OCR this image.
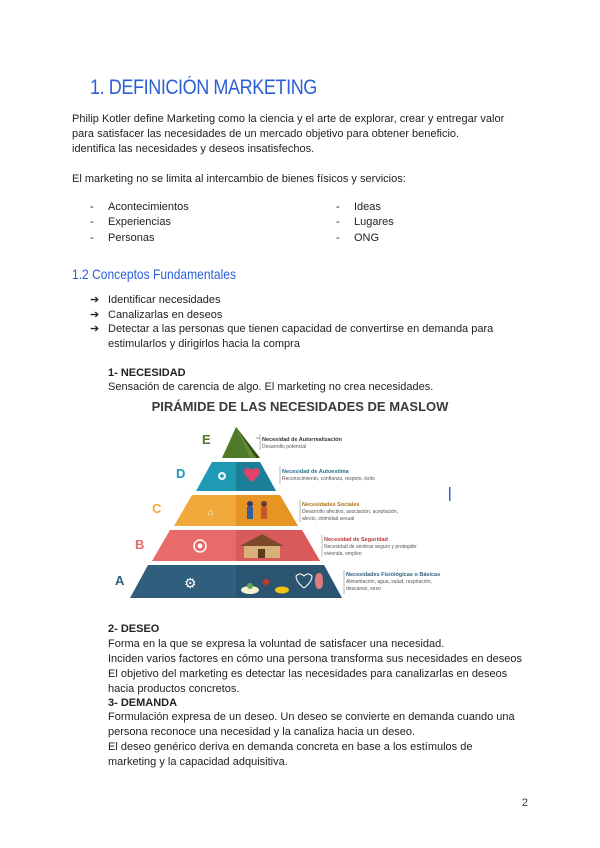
1. DEFINICIÓN MARKETING
Philip Kotler define Marketing como la ciencia y el arte de explorar, crear y entregar valor
para satisfacer las necesidades de un mercado objetivo para obtener beneficio.
identifica las necesidades y deseos insatisfechos.
El marketing no se limita al intercambio de bienes físicos y servicios:
- Acontecimientos
- Experiencias
- Personas
- Ideas
- Lugares
- ONG
1.2 Conceptos Fundamentales
➔ Identificar necesidades
➔ Canalizarlas en deseos
➔ Detectar a las personas que tienen capacidad de convertirse en demanda para
estimularlos y dirigirlos hacia la compra
1- NECESIDAD
Sensación de carencia de algo. El marketing no crea necesidades.
PIRÁMIDE DE LAS NECESIDADES DE MASLOW
E	Necesidad de Autorrealización
Desarrollo potencial
D	Necesidad de Autoestima
Reconocimiento, confianza, respeto, éxito
⌂
C	Necesidades Sociales
Desarrollo afectivo, asociación, aceptación,
afecto, intimidad sexual
B	Necesidad de Seguridad
Necesidad de sentirse seguro y protegido:
vivienda, empleo
⚙
A	Necesidades Fisiológicas o Básicas
Alimentación, agua, salud, respiración,
descanso, sexo
2- DESEO
Forma en la que se expresa la voluntad de satisfacer una necesidad.
Inciden varios factores en cómo una persona transforma sus necesidades en deseos
El objetivo del marketing es detectar las necesidades para canalizarlas en deseos
hacia productos concretos.
3- DEMANDA
Formulación expresa de un deseo. Un deseo se convierte en demanda cuando una
persona reconoce una necesidad y la canaliza hacia un deseo.
El deseo genérico deriva en demanda concreta en base a los estímulos de
marketing y la capacidad adquisitiva.
2
